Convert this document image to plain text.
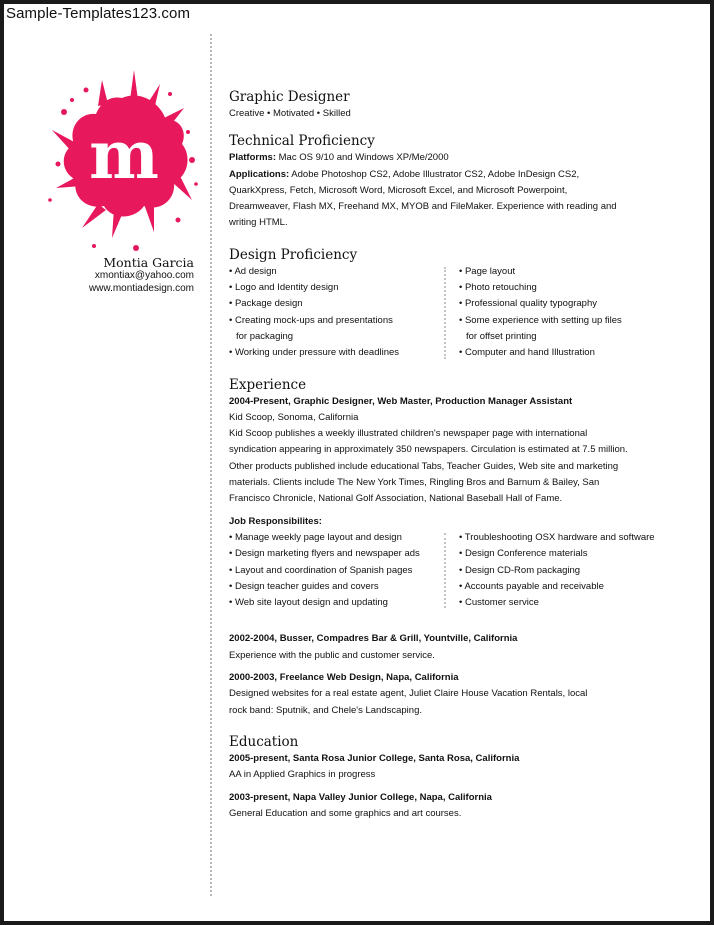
Sample-Templates123.com
m
Montia Garcia
xmontiax@yahoo.com
www.montiadesign.com
Graphic Designer
Creative • Motivated • Skilled
Technical Proficiency
Platforms: Mac OS 9/10 and Windows XP/Me/2000
Applications: Adobe Photoshop CS2, Adobe Illustrator CS2, Adobe InDesign CS2,
QuarkXpress, Fetch, Microsoft Word, Microsoft Excel, and Microsoft Powerpoint,
Dreamweaver, Flash MX, Freehand MX, MYOB and FileMaker. Experience with reading and
writing HTML.
Design Proficiency
• Ad design
• Logo and Identity design
• Package design
• Creating mock-ups and presentations
for packaging
• Working under pressure with deadlines
• Page layout
• Photo retouching
• Professional quality typography
• Some experience with setting up files
for offset printing
• Computer and hand Illustration
Experience
2004-Present, Graphic Designer, Web Master, Production Manager Assistant
Kid Scoop, Sonoma, California
Kid Scoop publishes a weekly illustrated children's newspaper page with international
syndication appearing in approximately 350 newspapers. Circulation is estimated at 7.5 million.
Other products published include educational Tabs, Teacher Guides, Web site and marketing
materials. Clients include The New York Times, Ringling Bros and Barnum & Bailey, San
Francisco Chronicle, National Golf Association, National Baseball Hall of Fame.
Job Responsibilites:
• Manage weekly page layout and design
• Design marketing flyers and newspaper ads
• Layout and coordination of Spanish pages
• Design teacher guides and covers
• Web site layout design and updating
• Troubleshooting OSX hardware and software
• Design Conference materials
• Design CD-Rom packaging
• Accounts payable and receivable
• Customer service
2002-2004, Busser, Compadres Bar & Grill, Yountville, California
Experience with the public and customer service.
2000-2003, Freelance Web Design, Napa, California
Designed websites for a real estate agent, Juliet Claire House Vacation Rentals, local
rock band: Sputnik, and Chele's Landscaping.
Education
2005-present, Santa Rosa Junior College, Santa Rosa, California
AA in Applied Graphics in progress
2003-present, Napa Valley Junior College, Napa, California
General Education and some graphics and art courses.
